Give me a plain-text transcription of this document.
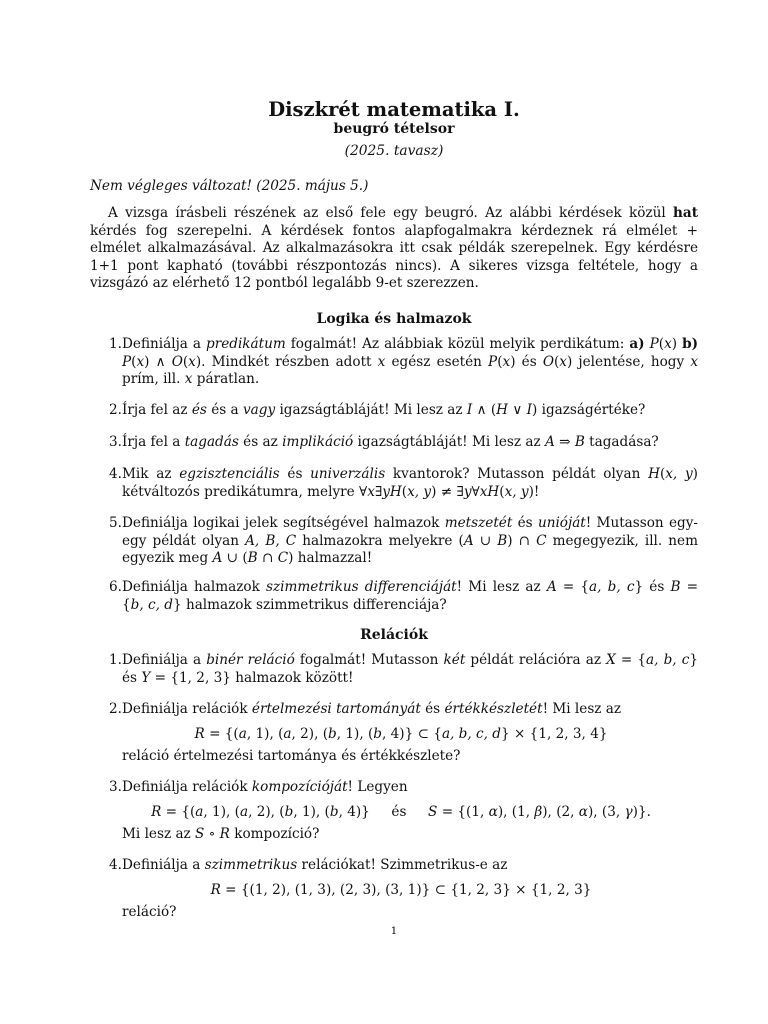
Diszkrét matematika I.
beugró tételsor
(2025. tavasz)
Nem végleges változat! (2025. május 5.)

A vizsga írásbeli részének az első fele egy beugró. Az alábbi kérdések közül hat kérdés fog szerepelni. A kérdések fontos alapfogalmakra kérdeznek rá elmélet + elmélet alkalmazásával. Az alkalmazásokra itt csak példák szerepelnek. Egy kérdésre 1+1 pont kapható (további részpontozás nincs). A sikeres vizsga feltétele, hogy a vizsgázó az elérhető 12 pontból legalább 9-et szerezzen.

Logika és halmazok
1. Definiálja a predikátum fogalmát! Az alábbiak közül melyik perdikátum: a) P(x) b) P(x) ∧ O(x). Mindkét részben adott x egész esetén P(x) és O(x) jelentése, hogy x prím, ill. x páratlan.
2. Írja fel az és és a vagy igazságtábláját! Mi lesz az I ∧ (H ∨ I) igazságértéke?
3. Írja fel a tagadás és az implikáció igazságtábláját! Mi lesz az A ⇒ B tagadása?
4. Mik az egzisztenciális és univerzális kvantorok? Mutasson példát olyan H(x, y) kétváltozós predikátumra, melyre ∀x∃yH(x, y) ≠ ∃y∀xH(x, y)!
5. Definiálja logikai jelek segítségével halmazok metszetét és unióját! Mutasson egy-egy példát olyan A, B, C halmazokra melyekre (A ∪ B) ∩ C megegyezik, ill. nem egyezik meg A ∪ (B ∩ C) halmazzal!
6. Definiálja halmazok szimmetrikus differenciáját! Mi lesz az A = {a, b, c} és B = {b, c, d} halmazok szimmetrikus differenciája?
Relációk
1. Definiálja a binér reláció fogalmát! Mutasson két példát relációra az X = {a, b, c} és Y = {1, 2, 3} halmazok között!
2. Definiálja relációk értelmezési tartományát és értékkészletét! Mi lesz az
R = {(a, 1), (a, 2), (b, 1), (b, 4)} ⊂ {a, b, c, d} × {1, 2, 3, 4}
reláció értelmezési tartománya és értékkészlete?
3. Definiálja relációk kompozícióját! Legyen
R = {(a, 1), (a, 2), (b, 1), (b, 4)}     és     S = {(1, α), (1, β), (2, α), (3, γ)}.
Mi lesz az S ∘ R kompozíció?
4. Definiálja a szimmetrikus relációkat! Szimmetrikus-e az
R = {(1, 2), (1, 3), (2, 3), (3, 1)} ⊂ {1, 2, 3} × {1, 2, 3}
reláció?
1
